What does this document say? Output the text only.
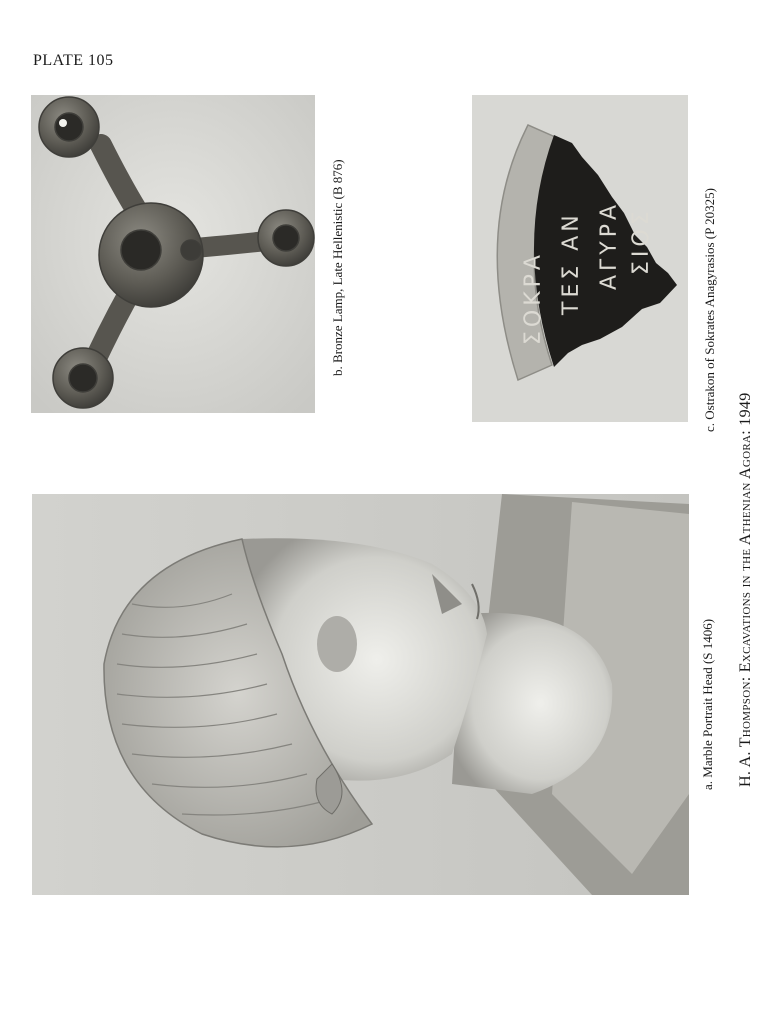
PLATE 105
ΣΟΚΡΑ ΤΕΣ ΑΝ ΑΓΥΡΑ ΣΙΟΣ
b. Bronze Lamp, Late Hellenistic (B 876)	c. Ostrakon of Sokrates Anagyrasios (P 20325)
a. Marble Portrait Head (S 1406) H. A. Thompson: Excavations in the Athenian Agora: 1949
